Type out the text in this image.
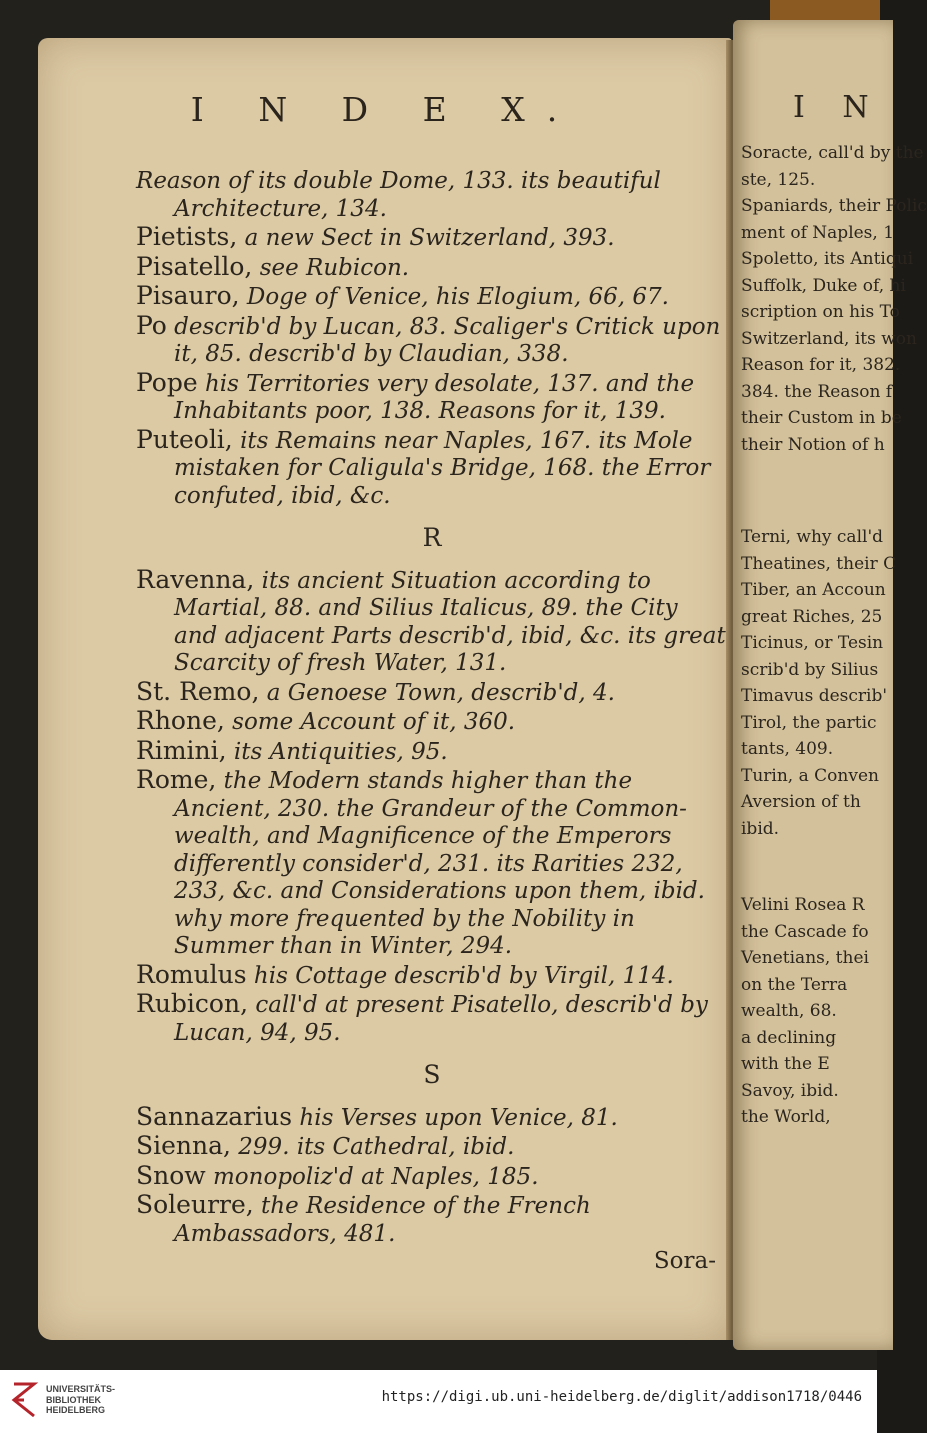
I N D E X.

Reason of its double Dome, 133. its beautiful Architecture, 134.

Pietists, a new Sect in Switzerland, 393.

Pisatello, see Rubicon.

Pisauro, Doge of Venice, his Elogium, 66, 67.

Po describ'd by Lucan, 83. Scaliger's Critick upon it, 85. describ'd by Claudian, 338.

Pope his Territories very desolate, 137. and the Inhabitants poor, 138. Reasons for it, 139.

Puteoli, its Remains near Naples, 167. its Mole mistaken for Caligula's Bridge, 168. the Error confuted, ibid, &c.

R

Ravenna, its ancient Situation according to Martial, 88. and Silius Italicus, 89. the City and adjacent Parts describ'd, ibid, &c. its great Scarcity of fresh Water, 131.

St. Remo, a Genoese Town, describ'd, 4.

Rhone, some Account of it, 360.

Rimini, its Antiquities, 95.

Rome, the Modern stands higher than the Ancient, 230. the Grandeur of the Common-wealth, and Magnificence of the Emperors differently consider'd, 231. its Rarities 232, 233, &c. and Considerations upon them, ibid. why more frequented by the Nobility in Summer than in Winter, 294.

Romulus his Cottage describ'd by Virgil, 114.

Rubicon, call'd at present Pisatello, describ'd by Lucan, 94, 95.

S

Sannazarius his Verses upon Venice, 81.

Sienna, 299. its Cathedral, ibid.

Snow monopoliz'd at Naples, 185.

Soleurre, the Residence of the French Ambassadors, 481.

Sora-
I N
Soracte, call'd by the
ste, 125.
Spaniards, their Polic
ment of Naples, 1
Spoletto, its Antiqui
Suffolk, Duke of, hi
scription on his To
Switzerland, its won
Reason for it, 382.
384. the Reason f
their Custom in be
their Notion of h
Terni, why call'd
Theatines, their C
Tiber, an Accoun
great Riches, 25
Ticinus, or Tesin
scrib'd by Silius
Timavus describ'
Tirol, the partic
tants, 409.
Turin, a Conven
Aversion of th
ibid.
Velini Rosea R
the Cascade fo
Venetians, thei
on the Terra
wealth, 68.
a declining
with the E
Savoy, ibid.
the World,
UNIVERSITÄTS-
BIBLIOTHEK
HEIDELBERG
https://digi.ub.uni-heidelberg.de/diglit/addison1718/0446
